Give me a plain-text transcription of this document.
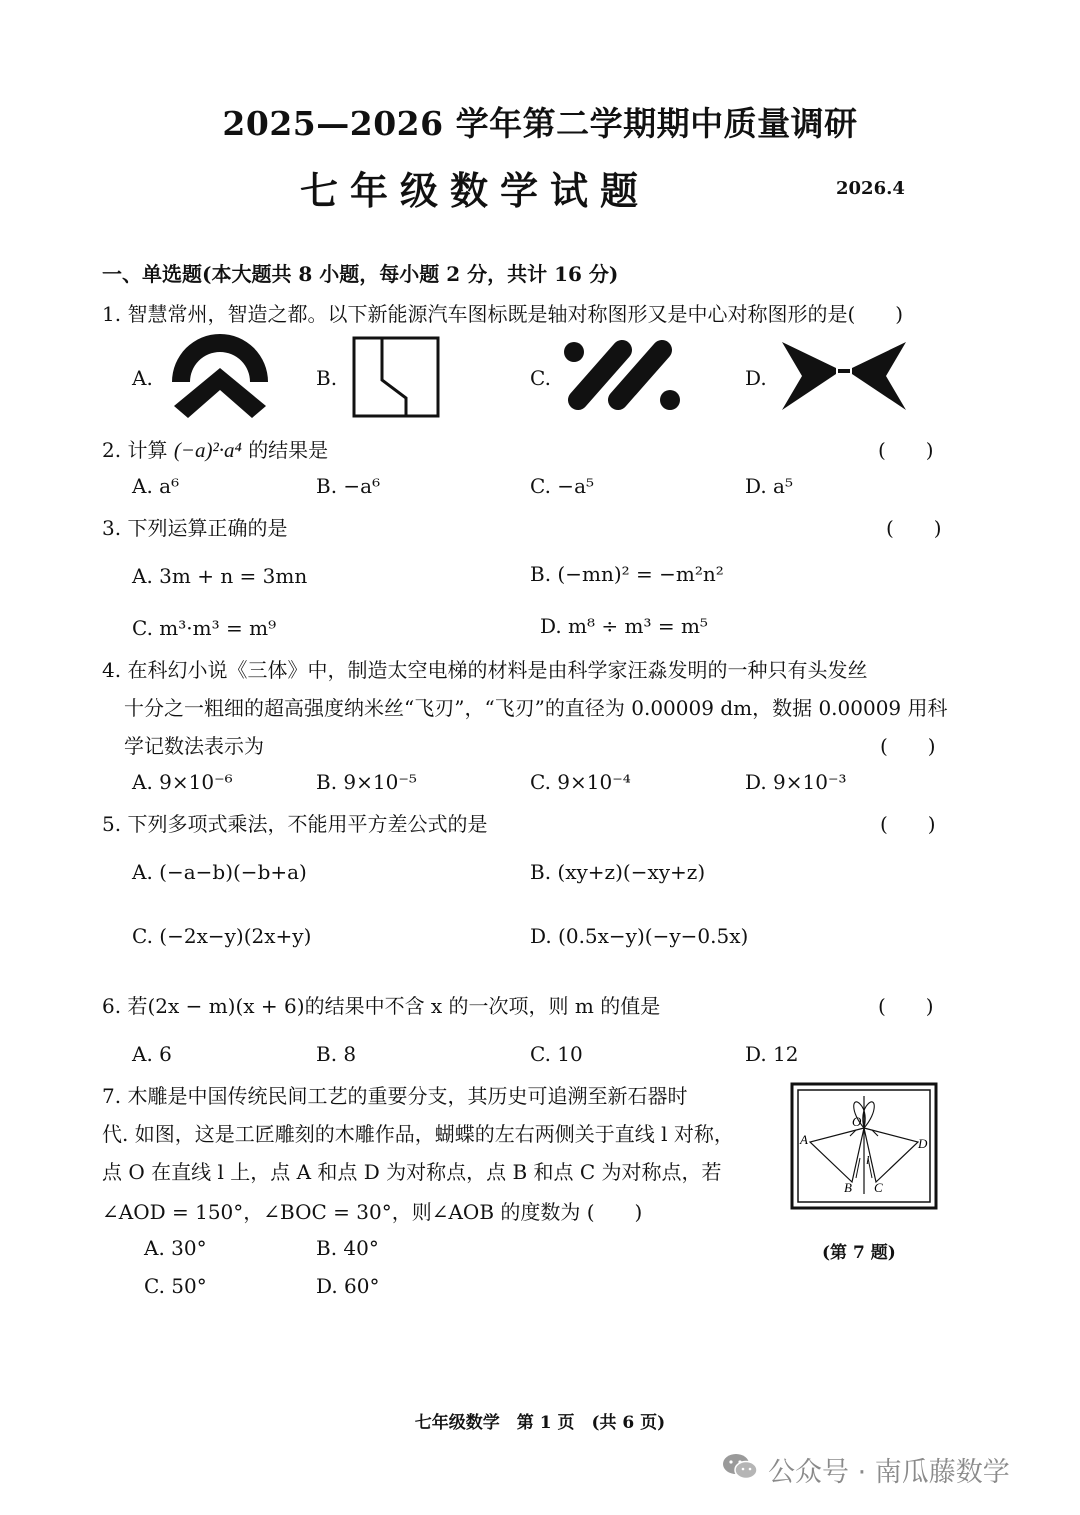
2025—2026 学年第二学期期中质量调研
七年级数学试题	2026.4
一、单选题(本大题共 8 小题，每小题 2 分，共计 16 分)
1. 智慧常州，智造之都。以下新能源汽车图标既是轴对称图形又是中心对称图形的是(　　)
A.	B.	C.	D.
2. 计算 (−a)²·a⁴ 的结果是	(　　)
A. a⁶	B. −a⁶	C. −a⁵	D. a⁵
3. 下列运算正确的是	(　　)
A. 3m + n = 3mn	B. (−mn)² = −m²n²
C. m³·m³ = m⁹	D. m⁸ ÷ m³ = m⁵
4. 在科幻小说《三体》中，制造太空电梯的材料是由科学家汪淼发明的一种只有头发丝
十分之一粗细的超高强度纳米丝“飞刃”，“飞刃”的直径为 0.00009 dm，数据 0.00009 用科
学记数法表示为	(　　)
A. 9×10⁻⁶	B. 9×10⁻⁵	C. 9×10⁻⁴	D. 9×10⁻³
5. 下列多项式乘法，不能用平方差公式的是	(　　)
A. (−a−b)(−b+a)	B. (xy+z)(−xy+z)
C. (−2x−y)(2x+y)	D. (0.5x−y)(−y−0.5x)
6. 若(2x − m)(x + 6)的结果中不含 x 的一次项，则 m 的值是	(　　)
A. 6	B. 8	C. 10	D. 12
7. 木雕是中国传统民间工艺的重要分支，其历史可追溯至新石器时
代. 如图，这是工匠雕刻的木雕作品，蝴蝶的左右两侧关于直线 l 对称，
点 O 在直线 l 上，点 A 和点 D 为对称点，点 B 和点 C 为对称点，若
∠AOD = 150°，∠BOC = 30°，则∠AOB 的度数为 (　　)
A. 30°	B. 40°
C. 50°	D. 60°
O
A	D
B C
l
(第 7 题)
七年级数学　第 1 页　(共 6 页)
公众号 · 南瓜藤数学
